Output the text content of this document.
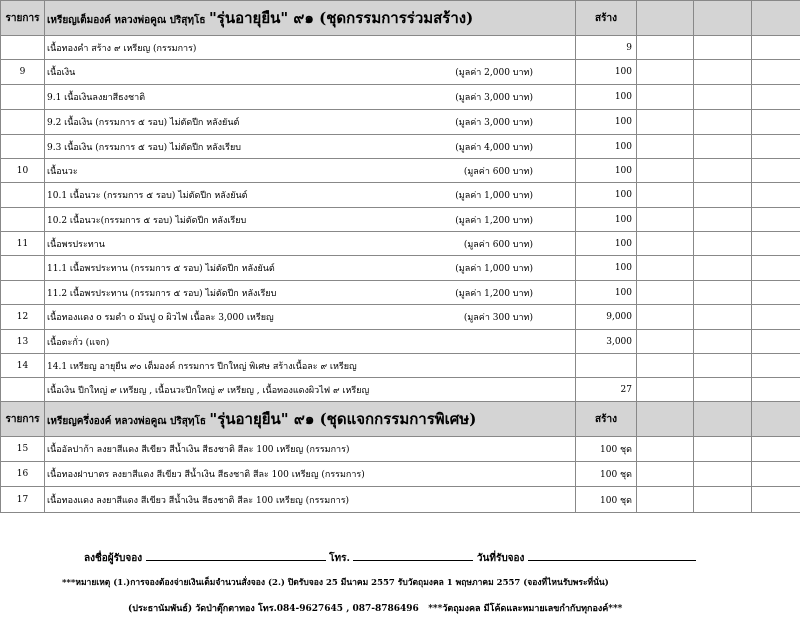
รายการ	เหรียญเต็มองค์ หลวงพ่อคูณ ปริสุทฺโธ "รุ่นอายุยืน" ๙๑ (ชุดกรรมการร่วมสร้าง)	สร้าง			

	เนื้อทองคำ สร้าง ๙ เหรียญ (กรรมการ)	9			
9	เนื้อเงิน (มูลค่า 2,000 บาท)	100			

	9.1 เนื้อเงินลงยาสีธงชาติ (มูลค่า 3,000 บาท)	100			

	9.2 เนื้อเงิน (กรรมการ ๕ รอบ) ไม่ตัดปีก หลังยันต์ (มูลค่า 3,000 บาท)	100			

	9.3 เนื้อเงิน (กรรมการ ๕ รอบ) ไม่ตัดปีก หลังเรียบ (มูลค่า 4,000 บาท)	100			
10	เนื้อนวะ (มูลค่า 600 บาท)	100			

	10.1 เนื้อนวะ (กรรมการ ๕ รอบ) ไม่ตัดปีก หลังยันต์ (มูลค่า 1,000 บาท)	100			

	10.2 เนื้อนวะ(กรรมการ ๕ รอบ) ไม่ตัดปีก หลังเรียบ (มูลค่า 1,200 บาท)	100			
11	เนื้อพรประทาน (มูลค่า 600 บาท)	100			

	11.1 เนื้อพรประทาน (กรรมการ ๕ รอบ) ไม่ตัดปีก หลังยันต์ (มูลค่า 1,000 บาท)	100			

	11.2 เนื้อพรประทาน (กรรมการ ๕ รอบ) ไม่ตัดปีก หลังเรียบ (มูลค่า 1,200 บาท)	100			
12	เนื้อทองแดง o รมดำ o มันปู o ผิวไฟ เนื้อละ 3,000 เหรียญ (มูลค่า 300 บาท)	9,000			
13	เนื้อตะกั่ว (แจก)	3,000			
14	14.1 เหรียญ อายุยืน ๙๐ เต็มองค์ กรรมการ ปีกใหญ่ พิเศษ สร้างเนื้อละ ๙ เหรียญ				

	เนื้อเงิน ปีกใหญ่ ๙ เหรียญ , เนื้อนวะปีกใหญ่ ๙ เหรียญ , เนื้อทองแดงผิวไฟ ๙ เหรียญ	27			
รายการ	เหรียญครึ่งองค์ หลวงพ่อคูณ ปริสุทฺโธ "รุ่นอายุยืน" ๙๑ (ชุดแจกกรรมการพิเศษ)	สร้าง			
15	เนื้ออัลปาก้า ลงยาสีแดง สีเขียว สีน้ำเงิน สีธงชาติ สีละ 100 เหรียญ (กรรมการ)	100 ชุด			
16	เนื้อทองฝาบาตร ลงยาสีแดง สีเขียว สีน้ำเงิน สีธงชาติ สีละ 100 เหรียญ (กรรมการ)	100 ชุด			
17	เนื้อทองแดง ลงยาสีแดง สีเขียว สีน้ำเงิน สีธงชาติ สีละ 100 เหรียญ (กรรมการ)	100 ชุด			
ลงชื่อผู้รับจอง	โทร.	วันที่รับจอง
***หมายเหตุ (1.)การจองต้องจ่ายเงินเต็มจำนวนสั่งจอง (2.) ปิดรับจอง 25 มีนาคม 2557 รับวัตถุมงคล 1 พฤษภาคม 2557 (จองที่ไหนรับพระที่นั่น)
(ประธานัมพันธ์) วัดป่าตุ๊กตาทอง โทร.084-9627645 , 087-8786496 ***วัตถุมงคล มีโค้ดและหมายเลขกำกับทุกองค์***
